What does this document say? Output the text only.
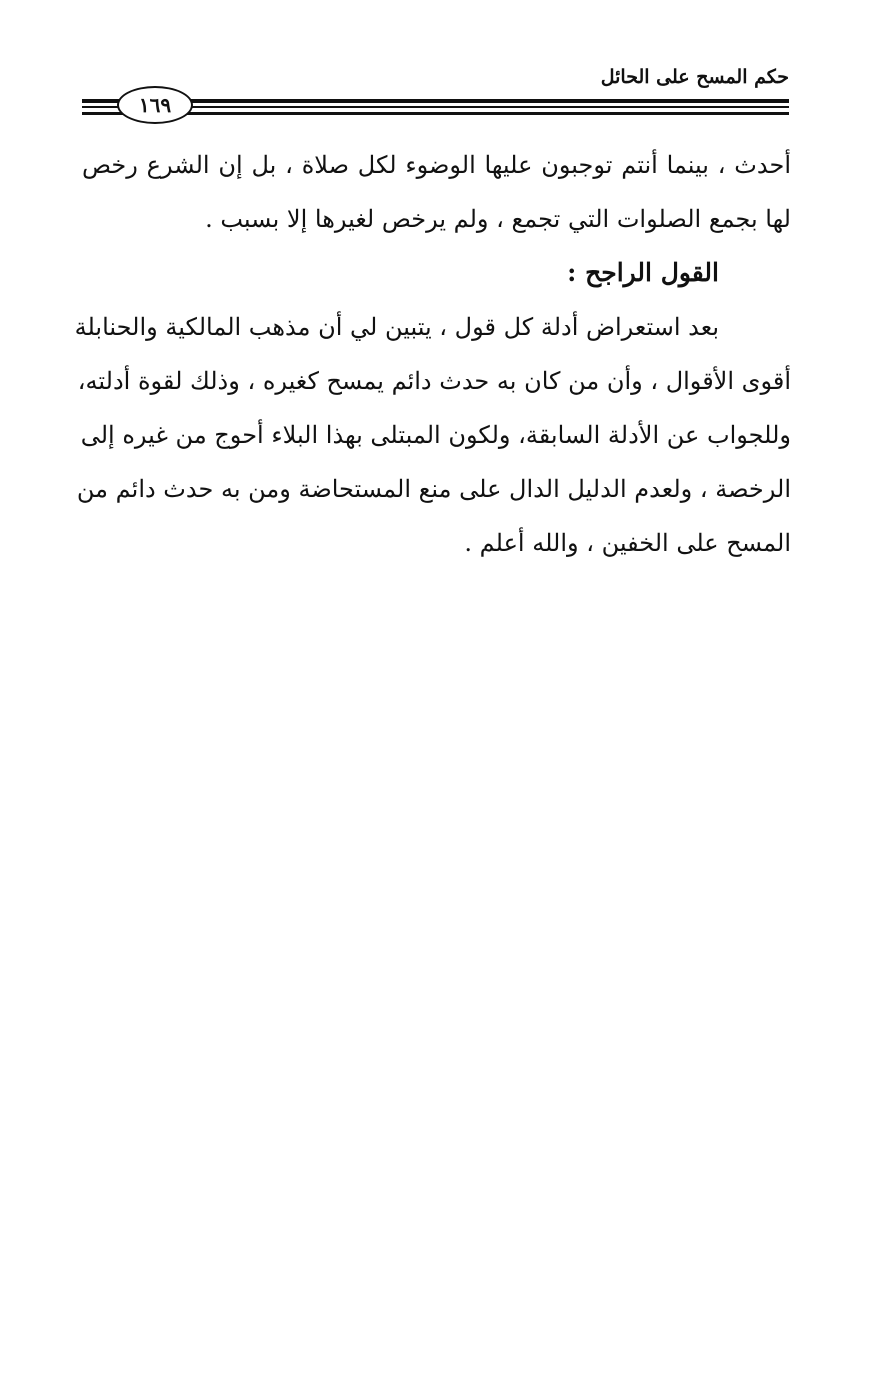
حكم المسح على الحائل
١٦٩

أحدث ، بينما أنتم توجبون عليها الوضوء لكل صلاة ، بل إن الشرع رخص
لها بجمع الصلوات التي تجمع ، ولم يرخص لغيرها إلا بسبب .

القول الراجح :

بعد استعراض أدلة كل قول ، يتبين لي أن مذهب المالكية والحنابلة
أقوى الأقوال ، وأن من كان به حدث دائم يمسح كغيره ، وذلك لقوة أدلته،
وللجواب عن الأدلة السابقة، ولكون المبتلى بهذا البلاء أحوج من غيره إلى
الرخصة ، ولعدم الدليل الدال على منع المستحاضة ومن به حدث دائم من
المسح على الخفين ، والله أعلم .
